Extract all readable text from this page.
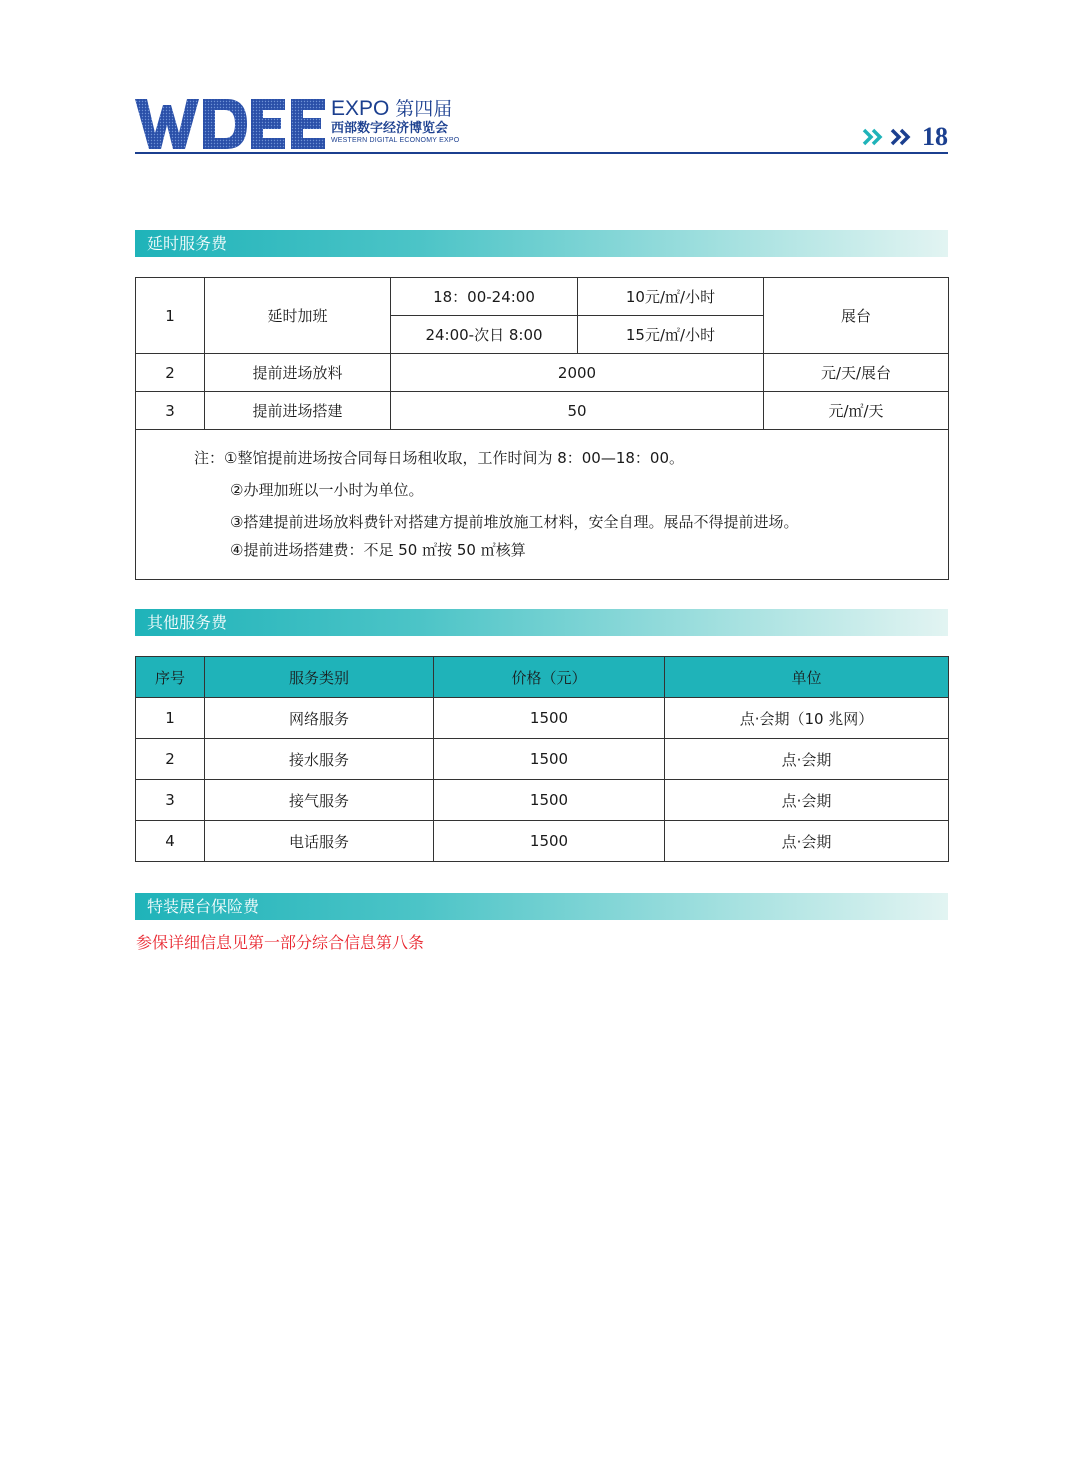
EXPO 第四届
西部数字经济博览会
WESTERN DIGITAL ECONOMY EXPO	18
延时服务费
1	延时加班	18：00-24:00	10元/㎡/小时	展台
		24:00-次日 8:00	15元/㎡/小时	
2	提前进场放料	2000		元/天/展台
3	提前进场搭建	50		元/㎡/天

注：①整馆提前进场按合同每日场租收取，工作时间为 8：00—18：00。
②办理加班以一小时为单位。
③搭建提前进场放料费针对搭建方提前堆放施工材料，安全自理。展品不得提前进场。
④提前进场搭建费：不足 50 ㎡按 50 ㎡核算				
其他服务费
序号	服务类别	价格（元）	单位
1	网络服务	1500	点·会期（10 兆网）
2	接水服务	1500	点·会期
3	接气服务	1500	点·会期
4	电话服务	1500	点·会期
特装展台保险费
参保详细信息见第一部分综合信息第八条
